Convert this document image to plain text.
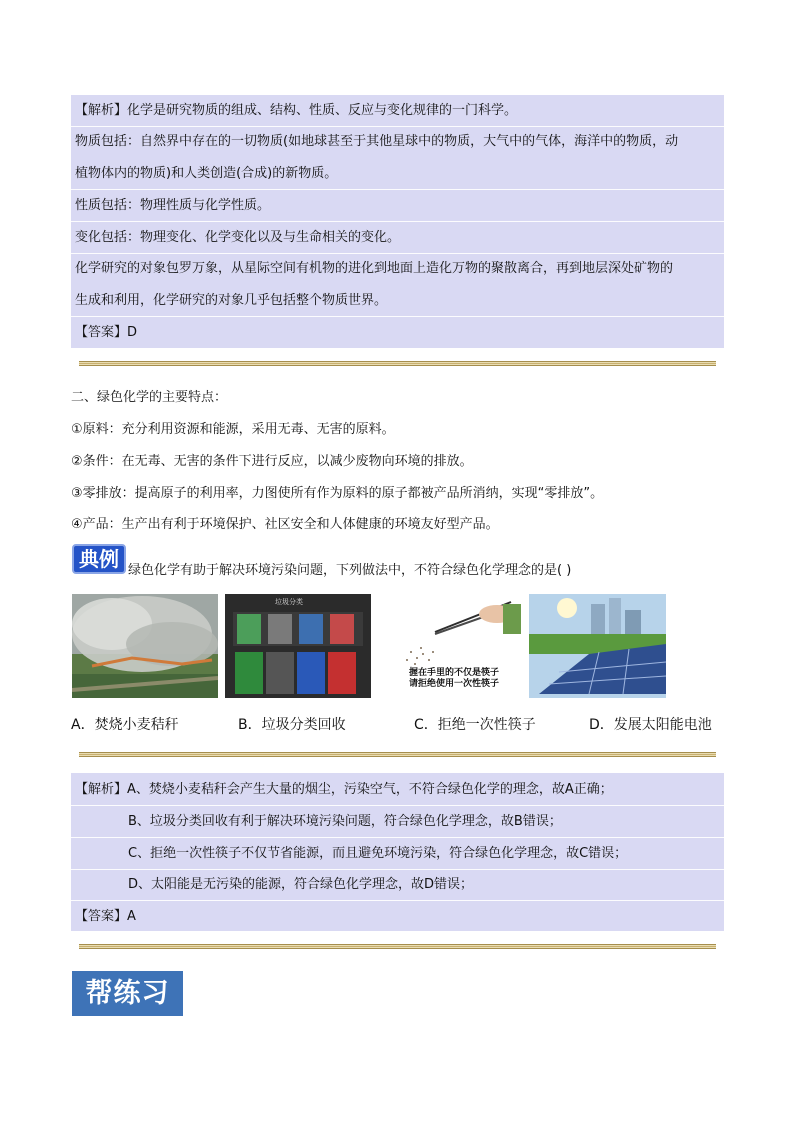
【解析】化学是研究物质的组成、结构、性质、反应与变化规律的一门科学。
物质包括：自然界中存在的一切物质(如地球甚至于其他星球中的物质，大气中的气体，海洋中的物质，动
植物体内的物质)和人类创造(合成)的新物质。
性质包括：物理性质与化学性质。
变化包括：物理变化、化学变化以及与生命相关的变化。
化学研究的对象包罗万象，从星际空间有机物的进化到地面上造化万物的聚散离合，再到地层深处矿物的
生成和利用，化学研究的对象几乎包括整个物质世界。
【答案】D
二、绿色化学的主要特点：
①原料：充分利用资源和能源，采用无毒、无害的原料。
②条件：在无毒、无害的条件下进行反应，以减少废物向环境的排放。
③零排放：提高原子的利用率，力图使所有作为原料的原子都被产品所消纳，实现“零排放”。
④产品：生产出有利于环境保护、社区安全和人体健康的环境友好型产品。
典例 绿色化学有助于解决环境污染问题，下列做法中，不符合绿色化学理念的是( )
垃圾分类
握在手里的不仅是筷子
请拒绝使用一次性筷子
A．焚烧小麦秸秆	B．垃圾分类回收	C．拒绝一次性筷子	D．发展太阳能电池
【解析】A、焚烧小麦秸秆会产生大量的烟尘，污染空气，不符合绿色化学的理念，故A正确；
B、垃圾分类回收有利于解决环境污染问题，符合绿色化学理念，故B错误；
C、拒绝一次性筷子不仅节省能源，而且避免环境污染，符合绿色化学理念，故C错误；
D、太阳能是无污染的能源，符合绿色化学理念，故D错误；
【答案】A
帮练习
